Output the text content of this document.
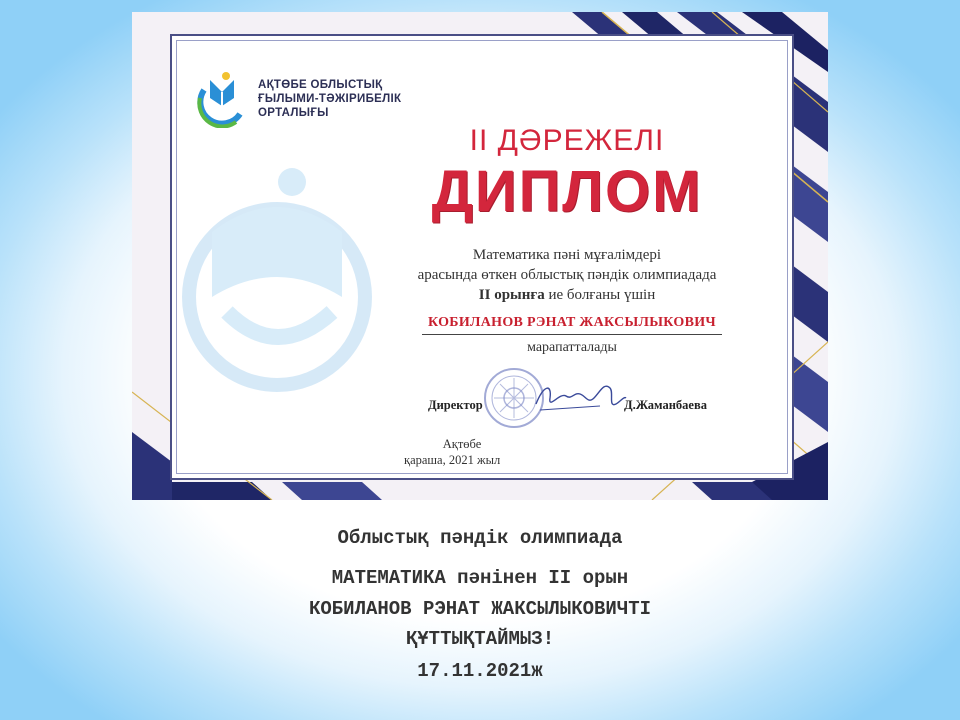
АҚТӨБЕ ОБЛЫСТЫҚ
ҒЫЛЫМИ-ТӘЖІРИБЕЛІК
ОРТАЛЫҒЫ
ІІ ДӘРЕЖЕЛІ
ДИПЛОМ
Математика пәні мұғалімдері
арасында өткен облыстық пәндік олимпиадада
ІІ орынға ие болғаны үшін
КОБИЛАНОВ РЭНАТ ЖАКСЫЛЫКОВИЧ
марапатталады
Директор	Д.Жаманбаева
Ақтөбе
қараша, 2021 жыл
Облыстық пәндік олимпиада
МАТЕМАТИКА пәнінен ІІ орын
КОБИЛАНОВ РЭНАТ ЖАКСЫЛЫКОВИЧТІ
ҚҰТТЫҚТАЙМЫЗ!
17.11.2021ж
